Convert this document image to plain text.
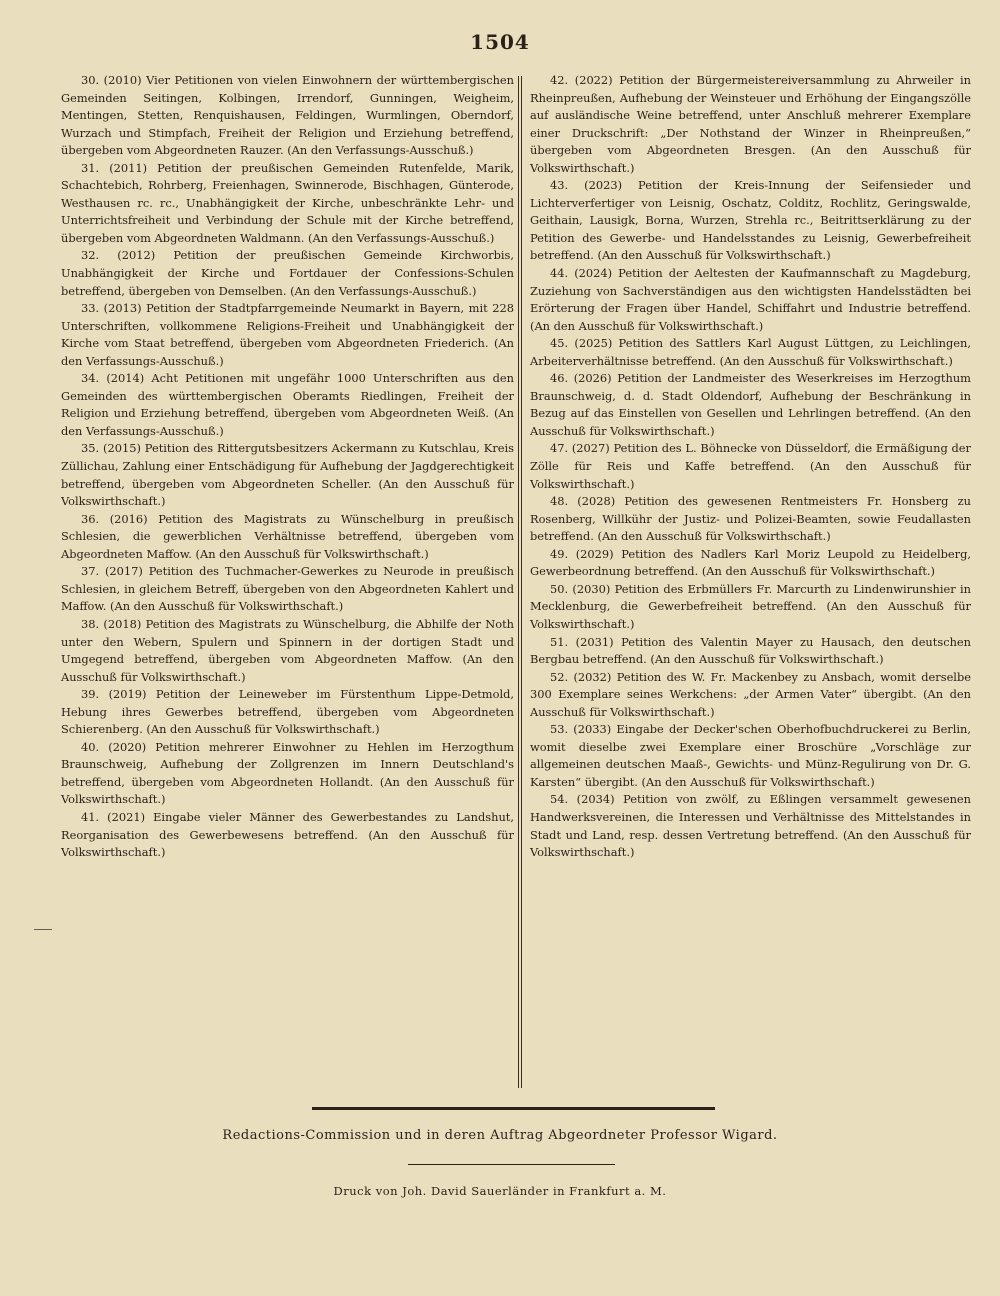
1504

30. (2010) Vier Petitionen von vielen Einwohnern der württembergischen Gemeinden Seitingen, Kolbingen, Irrendorf, Gunningen, Weigheim, Mentingen, Stetten, Renquishausen, Feldingen, Wurmlingen, Oberndorf, Wurzach und Stimpfach, Freiheit der Religion und Erziehung betreffend, übergeben vom Abgeordneten Rauzer. (An den Verfassungs-Ausschuß.)

31. (2011) Petition der preußischen Gemeinden Rutenfelde, Marik, Schachtebich, Rohrberg, Freienhagen, Swinnerode, Bischhagen, Günterode, Westhausen rc. rc., Unabhängigkeit der Kirche, unbeschränkte Lehr- und Unterrichtsfreiheit und Verbindung der Schule mit der Kirche betreffend, übergeben vom Abgeordneten Waldmann. (An den Verfassungs-Ausschuß.)

32. (2012) Petition der preußischen Gemeinde Kirchworbis, Unabhängigkeit der Kirche und Fortdauer der Confessions-Schulen betreffend, übergeben von Demselben. (An den Verfassungs-Ausschuß.)

33. (2013) Petition der Stadtpfarrgemeinde Neumarkt in Bayern, mit 228 Unterschriften, vollkommene Religions-Freiheit und Unabhängigkeit der Kirche vom Staat betreffend, übergeben vom Abgeordneten Friederich. (An den Verfassungs-Ausschuß.)

34. (2014) Acht Petitionen mit ungefähr 1000 Unterschriften aus den Gemeinden des württembergischen Oberamts Riedlingen, Freiheit der Religion und Erziehung betreffend, übergeben vom Abgeordneten Weiß. (An den Verfassungs-Ausschuß.)

35. (2015) Petition des Rittergutsbesitzers Ackermann zu Kutschlau, Kreis Züllichau, Zahlung einer Entschädigung für Aufhebung der Jagdgerechtigkeit betreffend, übergeben vom Abgeordneten Scheller. (An den Ausschuß für Volkswirthschaft.)

36. (2016) Petition des Magistrats zu Wünschelburg in preußisch Schlesien, die gewerblichen Verhältnisse betreffend, übergeben vom Abgeordneten Maffow. (An den Ausschuß für Volkswirthschaft.)

37. (2017) Petition des Tuchmacher-Gewerkes zu Neurode in preußisch Schlesien, in gleichem Betreff, übergeben von den Abgeordneten Kahlert und Maffow. (An den Ausschuß für Volkswirthschaft.)

38. (2018) Petition des Magistrats zu Wünschelburg, die Abhilfe der Noth unter den Webern, Spulern und Spinnern in der dortigen Stadt und Umgegend betreffend, übergeben vom Abgeordneten Maffow. (An den Ausschuß für Volkswirthschaft.)

39. (2019) Petition der Leineweber im Fürstenthum Lippe-Detmold, Hebung ihres Gewerbes betreffend, übergeben vom Abgeordneten Schierenberg. (An den Ausschuß für Volkswirthschaft.)

40. (2020) Petition mehrerer Einwohner zu Hehlen im Herzogthum Braunschweig, Aufhebung der Zollgrenzen im Innern Deutschland's betreffend, übergeben vom Abgeordneten Hollandt. (An den Ausschuß für Volkswirthschaft.)

41. (2021) Eingabe vieler Männer des Gewerbestandes zu Landshut, Reorganisation des Gewerbewesens betreffend. (An den Ausschuß für Volkswirthschaft.)

42. (2022) Petition der Bürgermeistereiversammlung zu Ahrweiler in Rheinpreußen, Aufhebung der Weinsteuer und Erhöhung der Eingangszölle auf ausländische Weine betreffend, unter Anschluß mehrerer Exemplare einer Druckschrift: „Der Nothstand der Winzer in Rheinpreußen,“ übergeben vom Abgeordneten Bresgen. (An den Ausschuß für Volkswirthschaft.)

43. (2023) Petition der Kreis-Innung der Seifensieder und Lichterverfertiger von Leisnig, Oschatz, Colditz, Rochlitz, Geringswalde, Geithain, Lausigk, Borna, Wurzen, Strehla rc., Beitrittserklärung zu der Petition des Gewerbe- und Handelsstandes zu Leisnig, Gewerbefreiheit betreffend. (An den Ausschuß für Volkswirthschaft.)

44. (2024) Petition der Aeltesten der Kaufmannschaft zu Magdeburg, Zuziehung von Sachverständigen aus den wichtigsten Handelsstädten bei Erörterung der Fragen über Handel, Schiffahrt und Industrie betreffend. (An den Ausschuß für Volkswirthschaft.)

45. (2025) Petition des Sattlers Karl August Lüttgen, zu Leichlingen, Arbeiterverhältnisse betreffend. (An den Ausschuß für Volkswirthschaft.)

46. (2026) Petition der Landmeister des Weserkreises im Herzogthum Braunschweig, d. d. Stadt Oldendorf, Aufhebung der Beschränkung in Bezug auf das Einstellen von Gesellen und Lehrlingen betreffend. (An den Ausschuß für Volkswirthschaft.)

47. (2027) Petition des L. Böhnecke von Düsseldorf, die Ermäßigung der Zölle für Reis und Kaffe betreffend. (An den Ausschuß für Volkswirthschaft.)

48. (2028) Petition des gewesenen Rentmeisters Fr. Honsberg zu Rosenberg, Willkühr der Justiz- und Polizei-Beamten, sowie Feudallasten betreffend. (An den Ausschuß für Volkswirthschaft.)

49. (2029) Petition des Nadlers Karl Moriz Leupold zu Heidelberg, Gewerbeordnung betreffend. (An den Ausschuß für Volkswirthschaft.)

50. (2030) Petition des Erbmüllers Fr. Marcurth zu Lindenwirunshier in Mecklenburg, die Gewerbefreiheit betreffend. (An den Ausschuß für Volkswirthschaft.)

51. (2031) Petition des Valentin Mayer zu Hausach, den deutschen Bergbau betreffend. (An den Ausschuß für Volkswirthschaft.)

52. (2032) Petition des W. Fr. Mackenbey zu Ansbach, womit derselbe 300 Exemplare seines Werkchens: „der Armen Vater“ übergibt. (An den Ausschuß für Volkswirthschaft.)

53. (2033) Eingabe der Decker'schen Oberhofbuchdruckerei zu Berlin, womit dieselbe zwei Exemplare einer Broschüre „Vorschläge zur allgemeinen deutschen Maaß-, Gewichts- und Münz-Regulirung von Dr. G. Karsten“ übergibt. (An den Ausschuß für Volkswirthschaft.)

54. (2034) Petition von zwölf, zu Eßlingen versammelt gewesenen Handwerksvereinen, die Interessen und Verhältnisse des Mittelstandes in Stadt und Land, resp. dessen Vertretung betreffend. (An den Ausschuß für Volkswirthschaft.)

Redactions-Commission und in deren Auftrag Abgeordneter Professor Wigard.
Druck von Joh. David Sauerländer in Frankfurt a. M.
